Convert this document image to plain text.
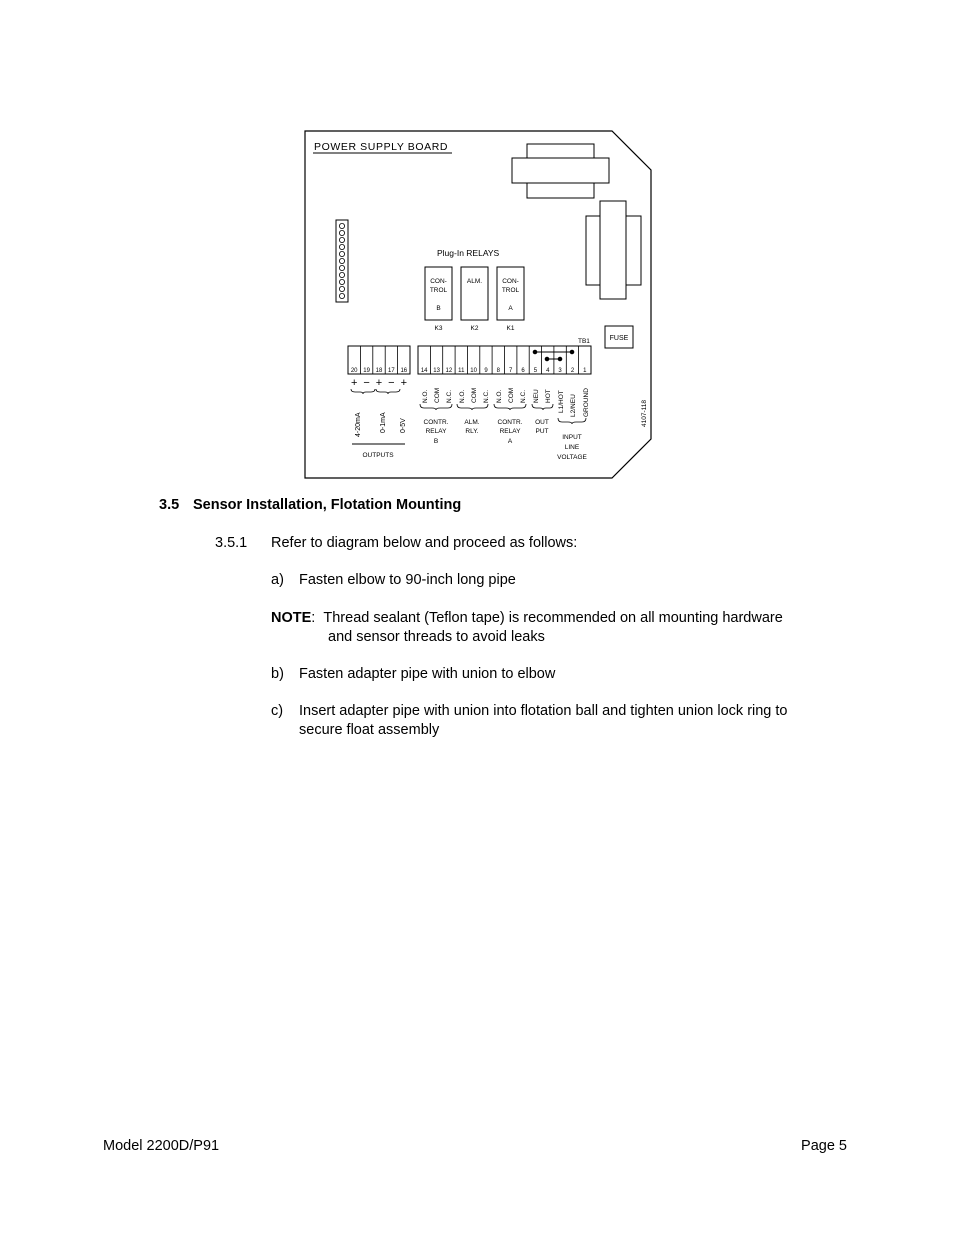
POWER SUPPLY BOARD
Plug-In RELAYS
CON-
TROL
B
K3
ALM.
K2
CON-
TROL
A
K1
FUSE
TB1
20 19 18 17 16 14 13 12 11 10 9 8 7 6 5 4 3 2 1
+ − + − +
4-20mA	0-1mA 0-5V
OUTPUTS
N.O. COM N.C. N.O. COM N.C. N.O. COM N.C. NEU HOT L1/HOT L2/NEU GROUND
CONTR.
RELAY
B
ALM.
RLY.
CONTR.
RELAY
A
OUT
PUT
INPUT
LINE
VOLTAGE
4107-118
3.5 Sensor Installation, Flotation Mounting
3.5.1 Refer to diagram below and proceed as follows:
a) Fasten elbow to 90-inch long pipe
NOTE:  Thread sealant (Teflon tape) is recommended on all mounting hardware
and sensor threads to avoid leaks
b) Fasten adapter pipe with union to elbow
c) Insert adapter pipe with union into flotation ball and tighten union lock ring to
secure float assembly
Model 2200D/P91	Page 5
